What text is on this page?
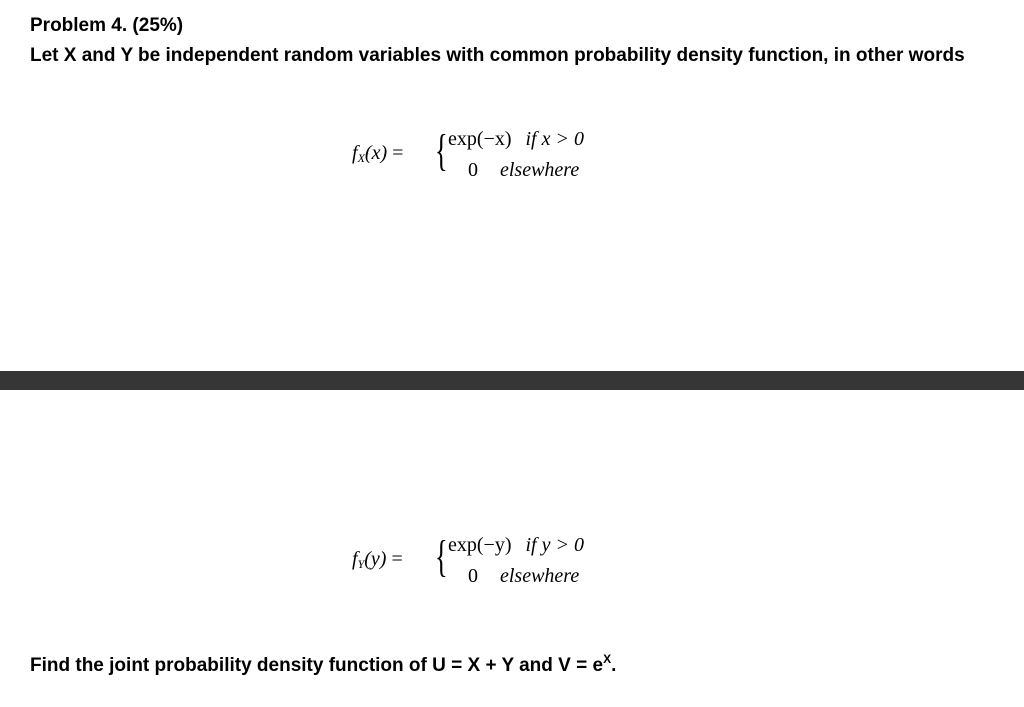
Problem 4. (25%)

Let X and Y be independent random variables with common probability density function, in other words

$f_X(x)$ = { exp(−x) if x > 0
0 elsewhere
$f_Y(y)$ = { exp(−y) if y > 0
0 elsewhere
Find the joint probability density function of U = X + Y and $V = e^X$.
